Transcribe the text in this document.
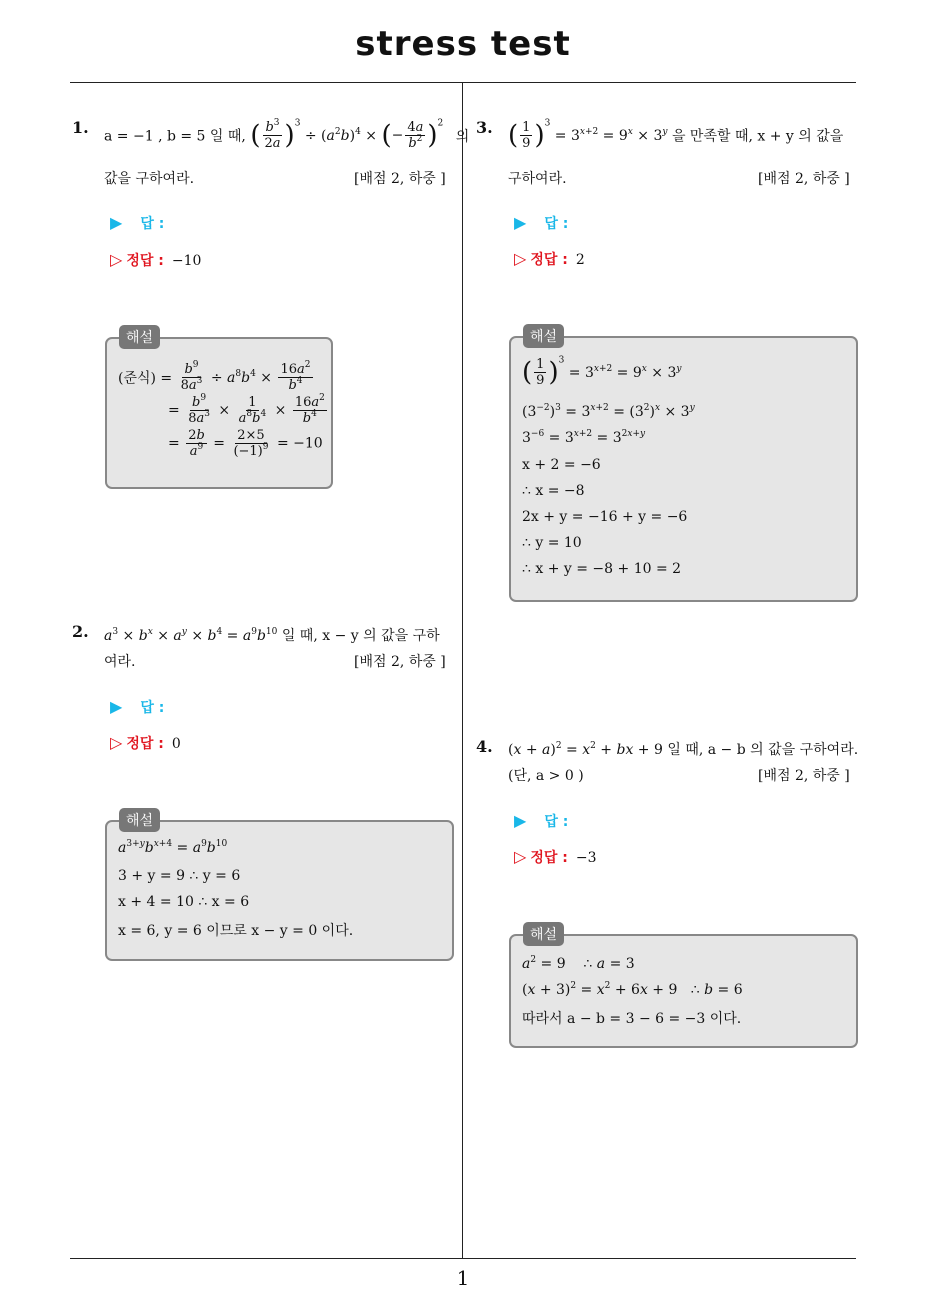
stress test
1
1. a = −1 , b = 5 일 때, ( $\frac{b^3}{2a} )^3 \div (a^2b)^4$ × (− $\frac{4a}{b^2} )^2$ 의
값을 구하여라.	[배점 2, 하중 ]
▶ 답 :
▷ 정답 : −10
해설
(준식) = $\frac{b^9}{8a^3} \div a^8b^4 \times \frac{16a^2}{b^4}$
= $\frac{b^9}{8a^3} \times \frac{1}{a^8b^4} \times \frac{16a^2}{b^4}$
= $\frac{2b}{a^9} = \frac{2\times 5}{(-1)^9} = -10$
2. $a^3 \times b^x \times a^y \times b^4 = a^9b^{10}$ 일 때, x − y 의 값을 구하
여라.	[배점 2, 하중 ]
▶ 답 :
▷ 정답 : 0
해설
$a^{3+y}b^{x+4} = a^9b^{10}$
3 + y = 9 ∴ y = 6
x + 4 = 10 ∴ x = 6
x = 6, y = 6 이므로 x − y = 0 이다.
3. ( $\frac{1}{9} )^3 = 3^{x+2} = 9^x \times 3^y$ 을 만족할 때, x + y 의 값을
구하여라.	[배점 2, 하중 ]
▶ 답 :
▷ 정답 : 2
해설
( $\frac{1}{9} )^3 = 3^{x+2} = 9^x \times 3^y$
$(3^{-2})^3 = 3^{x+2} = (3^2)^x \times 3^y$
$3^{-6} = 3^{x+2} = 3^{2x+y}$
x + 2 = −6
∴ x = −8
2x + y = −16 + y = −6
∴ y = 10
∴ x + y = −8 + 10 = 2
4. $(x + a)^2 = x^2$ + bx + 9 일 때, a − b 의 값을 구하여라.
(단, a > 0 )	[배점 2, 하중 ]
▶ 답 :
▷ 정답 : −3
해설
$a^2 = 9$    ∴ a = 3
$(x + 3)^2 = x^2 + 6x + 9$   ∴ b = 6
따라서 a − b = 3 − 6 = −3 이다.
